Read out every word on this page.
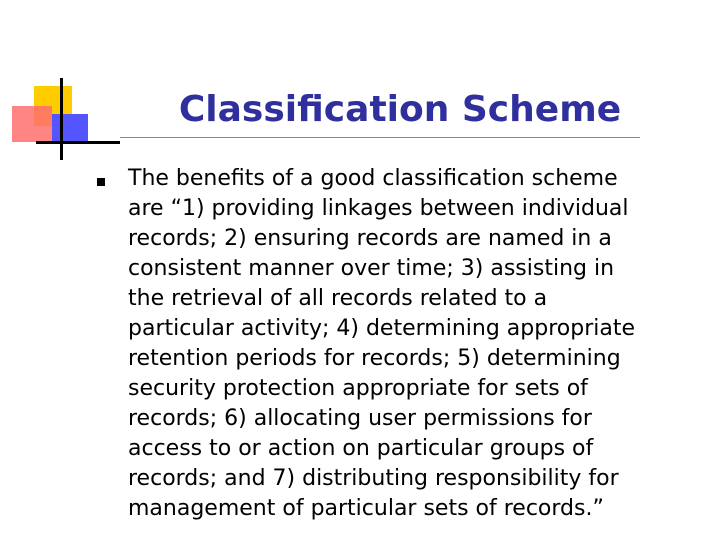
Classification Scheme
The benefits of a good classification scheme
are “1) providing linkages between individual
records; 2) ensuring records are named in a
consistent manner over time; 3) assisting in
the retrieval of all records related to a
particular activity; 4) determining appropriate
retention periods for records; 5) determining
security protection appropriate for sets of
records; 6) allocating user permissions for
access to or action on particular groups of
records; and 7) distributing responsibility for
management of particular sets of records.”
